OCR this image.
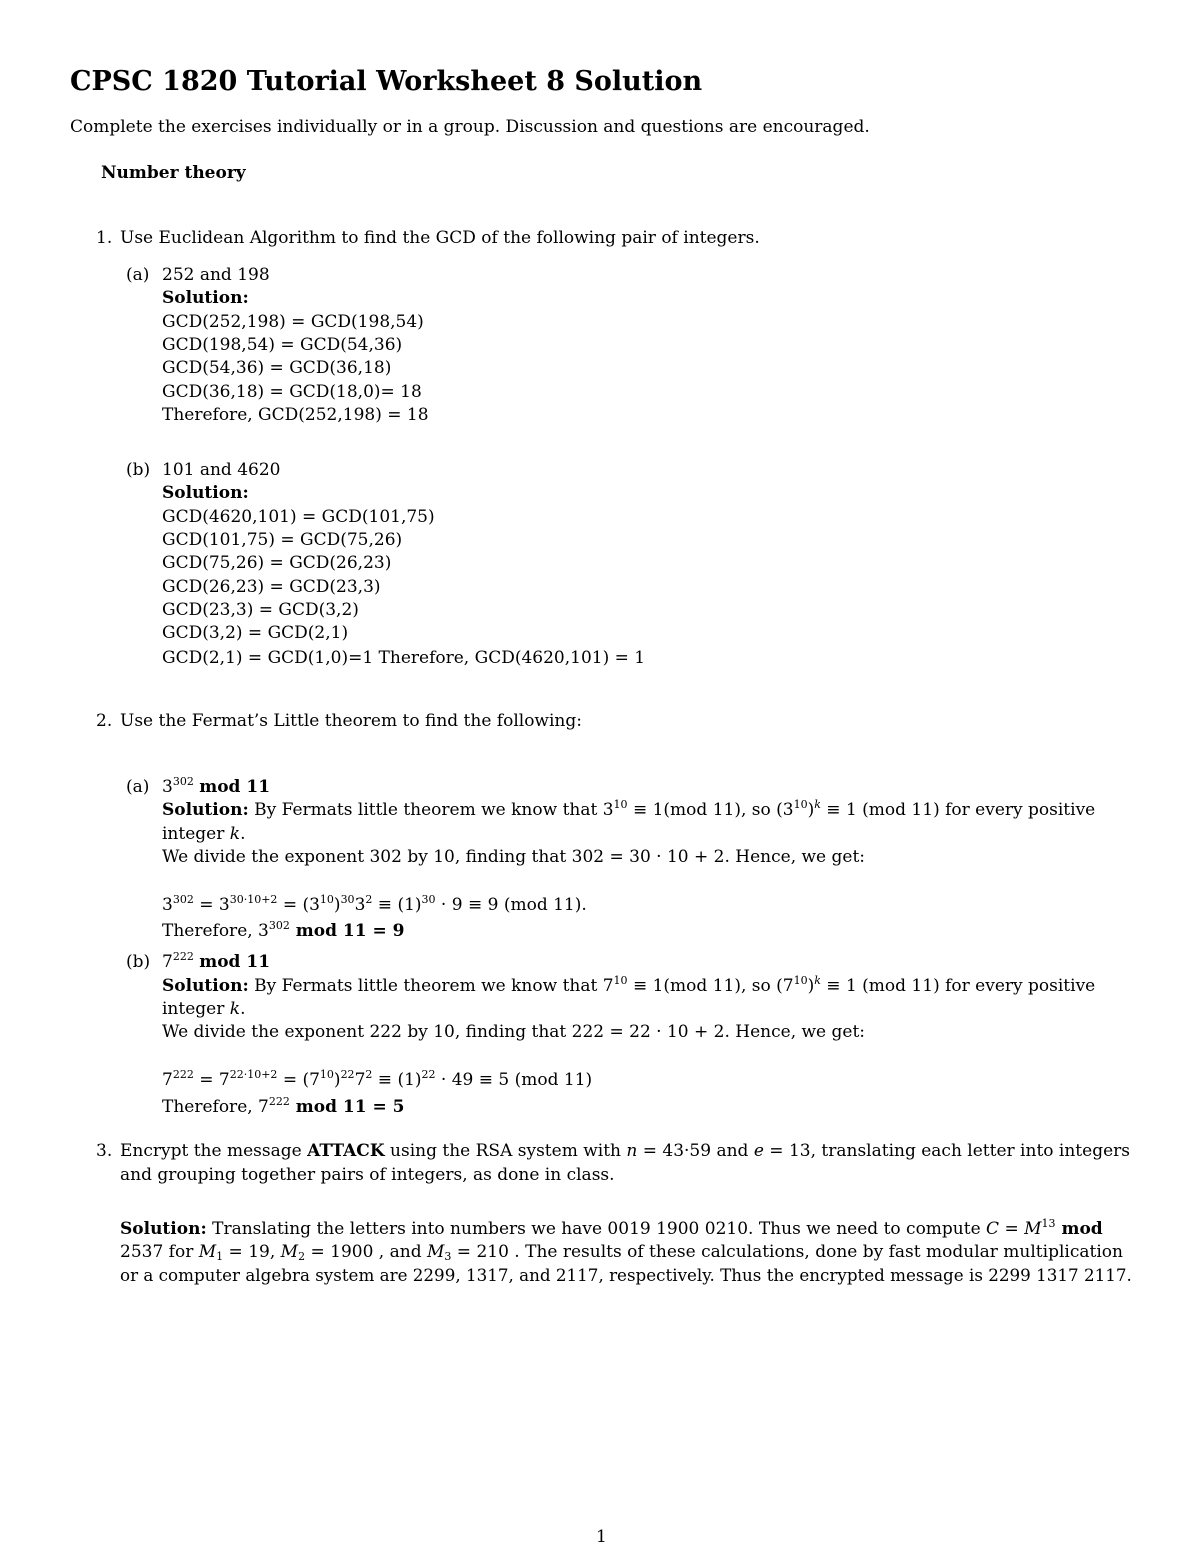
CPSC 1820 Tutorial Worksheet 8 Solution
Complete the exercises individually or in a group. Discussion and questions are encouraged.
Number theory
1. Use Euclidean Algorithm to find the GCD of the following pair of integers.
(a) 252 and 198
Solution:
GCD(252,198) = GCD(198,54)
GCD(198,54) = GCD(54,36)
GCD(54,36) = GCD(36,18)
GCD(36,18) = GCD(18,0)= 18
Therefore, GCD(252,198) = 18
(b) 101 and 4620
Solution:
GCD(4620,101) = GCD(101,75)
GCD(101,75) = GCD(75,26)
GCD(75,26) = GCD(26,23)
GCD(26,23) = GCD(23,3)
GCD(23,3) = GCD(3,2)
GCD(3,2) = GCD(2,1)
GCD(2,1) = GCD(1,0)=1 Therefore, GCD(4620,101) = 1
2. Use the Fermat’s Little theorem to find the following:
(a) $3^{302}$ mod 11
Solution: By Fermats little theorem we know that $3^{10} \equiv 1(mod$ 11), so $(3^{10})^k \equiv 1$ (mod 11) for every positive
integer k.
We divide the exponent 302 by 10, finding that 302 = 30 · 10 + 2. Hence, we get:
$3^{302} = 3^{30\cdot 10+2} = (3^{10})^{30}3^2 \equiv (1)^{30} \cdot 9 \equiv 9$ (mod 11).
Therefore, $3^{302}$ mod 11 = 9
(b) $7^{222}$ mod 11
Solution: By Fermats little theorem we know that $7^{10} \equiv 1(mod$ 11), so $(7^{10})^k \equiv 1$ (mod 11) for every positive
integer k.
We divide the exponent 222 by 10, finding that 222 = 22 · 10 + 2. Hence, we get:
$7^{222} = 7^{22\cdot 10+2} = (7^{10})^{22}7^2 \equiv (1)^{22} \cdot 49 \equiv 5$ (mod 11)
Therefore, $7^{222}$ mod 11 = 5
3. Encrypt the message ATTACK using the RSA system with n = 43·59 and e = 13, translating each letter into integers
and grouping together pairs of integers, as done in class.
Solution: Translating the letters into numbers we have 0019 1900 0210. Thus we need to compute $C = M^{13}$ mod
2537 for $M_1 = 19$, $M_2 = 1900$ , and $M_3 = 210$ . The results of these calculations, done by fast modular multiplication
or a computer algebra system are 2299, 1317, and 2117, respectively. Thus the encrypted message is 2299 1317 2117.
1
